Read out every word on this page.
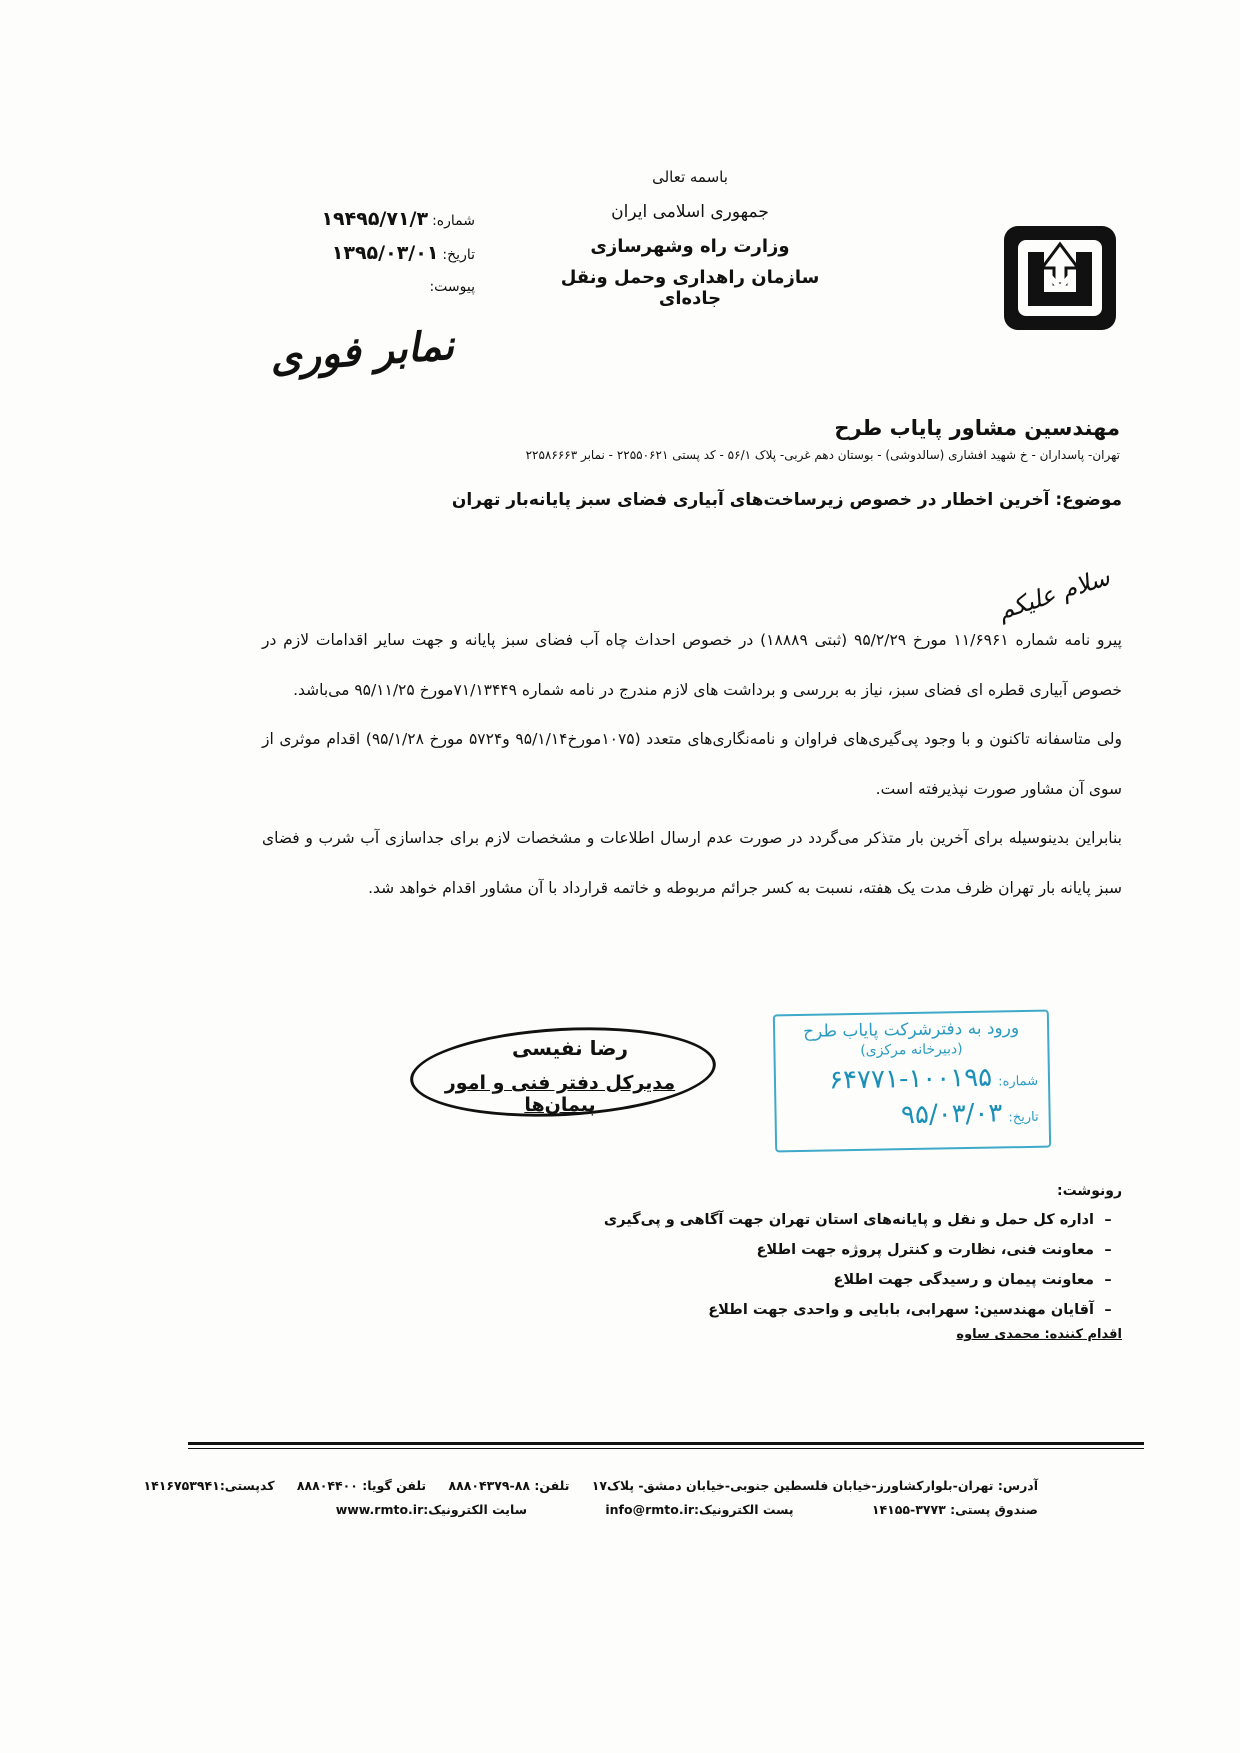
باسمه تعالی
جمهوری اسلامی ایران
وزارت راه وشهرسازی
سازمان راهداری وحمل ونقل جاده‌ای
شماره:۱۹۴۹۵/۷۱/۳
تاریخ:۱۳۹۵/۰۳/۰۱
پیوست:
نمابر فوری
مهندسین مشاور پایاب طرح
تهران- پاسداران - خ شهید افشاری (سالدوشی) - بوستان دهم غربی- پلاک ۵۶/۱ - کد پستی ۲۲۵۵۰۶۲۱ - نمابر ۲۲۵۸۶۶۶۳
موضوع: آخرین اخطار در خصوص زیرساخت‌های آبیاری فضای سبز پایانه‌بار تهران
سلام علیکم

پیرو نامه شماره ۱۱/۶۹۶۱ مورخ ۹۵/۲/۲۹ (ثبتی ۱۸۸۸۹) در خصوص احداث چاه آب فضای سبز پایانه و جهت سایر اقدامات لازم در خصوص آبیاری قطره ای فضای سبز، نیاز به بررسی و برداشت های لازم مندرج در نامه شماره ۷۱/۱۳۴۴۹مورخ ۹۵/۱۱/۲۵ می‌باشد.

ولی متاسفانه تاکنون و با وجود پی‌گیری‌های فراوان و نامه‌نگاری‌های متعدد (۱۰۷۵مورخ۹۵/۱/۱۴ و۵۷۲۴ مورخ ۹۵/۱/۲۸) اقدام موثری از سوی آن مشاور صورت نپذیرفته است.

بنابراین بدینوسیله برای آخرین بار متذکر می‌گردد در صورت عدم ارسال اطلاعات و مشخصات لازم برای جداسازی آب شرب و فضای سبز پایانه بار تهران ظرف مدت یک هفته، نسبت به کسر جرائم مربوطه و خاتمه قرارداد با آن مشاور اقدام خواهد شد.

رضا نفیسی
مدیرکل دفتر فنی و امور پیمان‌ها
ورود به دفترشرکت پایاب طرح
(دبیرخانه مرکزی)
شماره:۱۰۰۱۹۵-۶۴۷۷۱
تاریخ:۹۵/۰۳/۰۳
رونوشت:
–اداره کل حمل و نقل و پایانه‌های استان تهران جهت آگاهی و پی‌گیری
–معاونت فنی، نظارت و کنترل پروژه جهت اطلاع
–معاونت پیمان و رسیدگی جهت اطلاع
–آقایان مهندسین: سهرابی، بابایی و واحدی جهت اطلاع
اقدام کننده: محمدی ساوه
آدرس: تهران-بلوارکشاورز-خیابان فلسطین جنوبی-خیابان دمشق- پلاک۱۷ تلفن: ۸۸-۸۸۸۰۴۳۷۹ تلفن گویا: ۸۸۸۰۴۴۰۰ کدپستی:۱۴۱۶۷۵۳۹۴۱
صندوق پستی: ۳۷۷۳-۱۴۱۵۵ پست الکترونیک:info@rmto.ir سایت الکترونیک:www.rmto.ir
